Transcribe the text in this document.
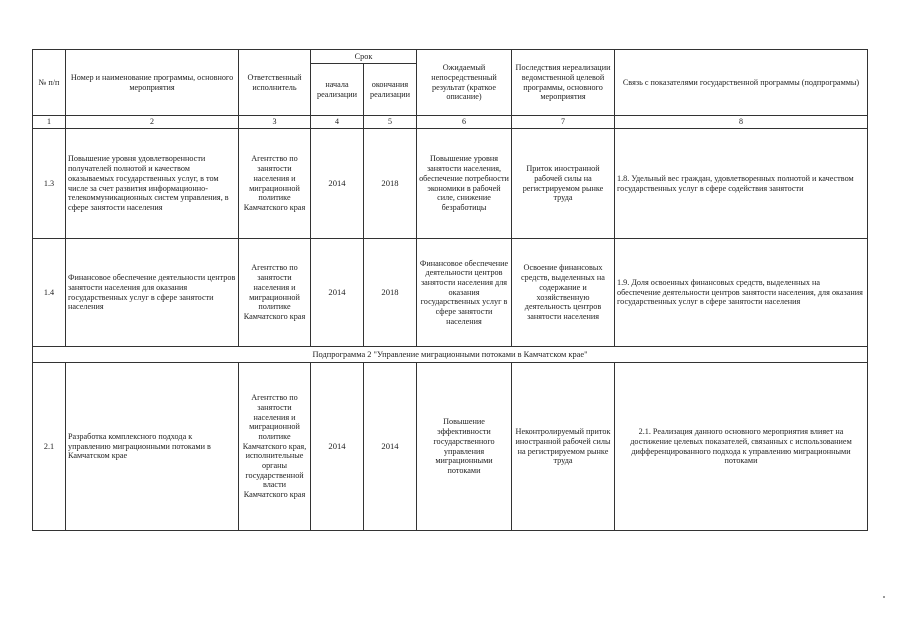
№ п/п	Номер и наименование программы, основного мероприятия	Ответственный исполнитель	Срок		Ожидаемый непосредственный результат (краткое описание)	Последствия нереализации ведомственной целевой программы, основного мероприятия	Связь с показателями государственной программы (подпрограммы)
			начала реализации	окончания реализации			
1	2	3	4	5	6	7	8
1.3	Повышение уровня удовлетворенности получателей полнотой и качеством оказываемых государственных услуг, в том числе за счет развития информационно-телекоммуникационных систем управления, в сфере занятости населения	Агентство по занятости населения и миграционной политике Камчатского края	2014	2018	Повышение уровня занятости населения, обеспечение потребности экономики в рабочей силе, снижение безработицы	Приток иностранной рабочей силы на регистрируемом рынке труда	1.8. Удельный вес граждан, удовлетворенных полнотой и качеством государственных услуг в сфере содействия занятости
1.4	Финансовое обеспечение деятельности центров занятости населения для оказания государственных услуг в сфере занятости населения	Агентство по занятости населения и миграционной политике Камчатского края	2014	2018	Финансовое обеспечение деятельности центров занятости населения для оказания государственных услуг в сфере занятости населения	Освоение финансовых средств, выделенных на содержание и хозяйственную деятельность центров занятости населения	1.9. Доля освоенных финансовых средств, выделенных на обеспечение деятельности центров занятости населения, для оказания государственных услуг в сфере занятости населения
Подпрограмма 2 "Управление миграционными потоками в Камчатском крае"							
2.1	Разработка комплексного подхода к управлению миграционными потоками в Камчатском крае	Агентство по занятости населения и миграционной политике Камчатского края, исполнительные органы государственной власти Камчатского края	2014	2014	Повышение эффективности государственного управления миграционными потоками	Неконтролируемый приток иностранной рабочей силы на регистрируемом рынке труда	2.1. Реализация данного основного мероприятия влияет на достижение целевых показателей, связанных с использованием дифференцированного подхода к управлению миграционными потоками
